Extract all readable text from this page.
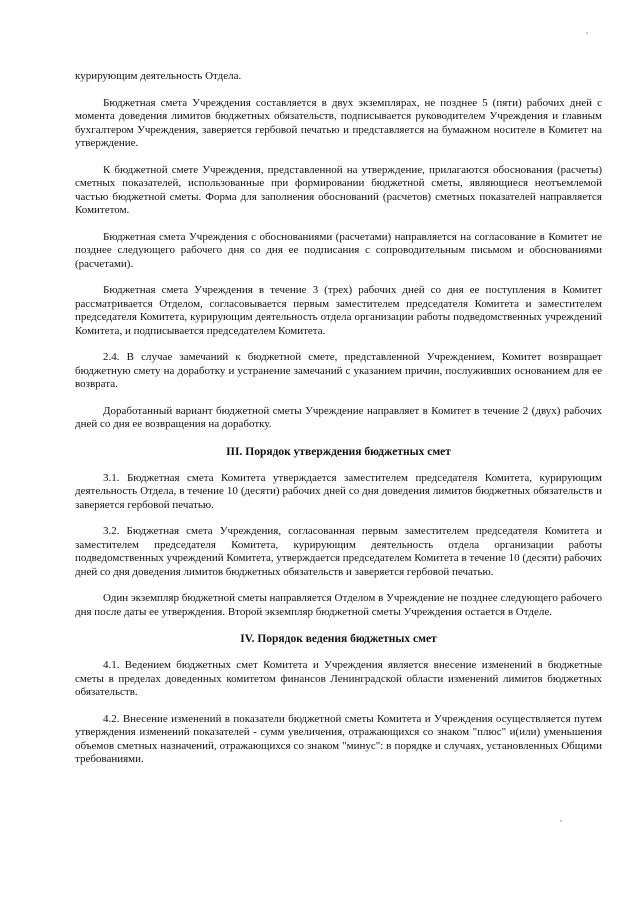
курирующим деятельность Отдела.

Бюджетная смета Учреждения составляется в двух экземплярах, не позднее 5 (пяти) рабочих дней с момента доведения лимитов бюджетных обязательств, подписывается руководителем Учреждения и главным бухгалтером Учреждения, заверяется гербовой печатью и представляется на бумажном носителе в Комитет на утверждение.

К бюджетной смете Учреждения, представленной на утверждение, прилагаются обоснования (расчеты) сметных показателей, использованные при формировании бюджетной сметы, являющиеся неотъемлемой частью бюджетной сметы. Форма для заполнения обоснований (расчетов) сметных показателей направляется Комитетом.

Бюджетная смета Учреждения с обоснованиями (расчетами) направляется на согласование в Комитет не позднее следующего рабочего дня со дня ее подписания с сопроводительным письмом и обоснованиями (расчетами).

Бюджетная смета Учреждения в течение 3 (трех) рабочих дней со дня ее поступления в Комитет рассматривается Отделом, согласовывается первым заместителем председателя Комитета и заместителем председателя Комитета, курирующим деятельность отдела организации работы подведомственных учреждений Комитета, и подписывается председателем Комитета.

2.4. В случае замечаний к бюджетной смете, представленной Учреждением, Комитет возвращает бюджетную смету на доработку и устранение замечаний с указанием причин, послуживших основанием для ее возврата.

Доработанный вариант бюджетной сметы Учреждение направляет в Комитет в течение 2 (двух) рабочих дней со дня ее возвращения на доработку.

III. Порядок утверждения бюджетных смет

3.1. Бюджетная смета Комитета утверждается заместителем председателя Комитета, курирующим деятельность Отдела, в течение 10 (десяти) рабочих дней со дня доведения лимитов бюджетных обязательств и заверяется гербовой печатью.

3.2. Бюджетная смета Учреждения, согласованная первым заместителем председателя Комитета и заместителем председателя Комитета, курирующим деятельность отдела организации работы подведомственных учреждений Комитета, утверждается председателем Комитета в течение 10 (десяти) рабочих дней со дня доведения лимитов бюджетных обязательств и заверяется гербовой печатью.

Один экземпляр бюджетной сметы направляется Отделом в Учреждение не позднее следующего рабочего дня после даты ее утверждения. Второй экземпляр бюджетной сметы Учреждения остается в Отделе.

IV. Порядок ведения бюджетных смет

4.1. Ведением бюджетных смет Комитета и Учреждения является внесение изменений в бюджетные сметы в пределах доведенных комитетом финансов Ленинградской области изменений лимитов бюджетных обязательств.

4.2. Внесение изменений в показатели бюджетной сметы Комитета и Учреждения осуществляется путем утверждения изменений показателей - сумм увеличения, отражающихся со знаком "плюс" и(или) уменьшения объемов сметных назначений, отражающихся со знаком "минус": в порядке и случаях, установленных Общими требованиями.
